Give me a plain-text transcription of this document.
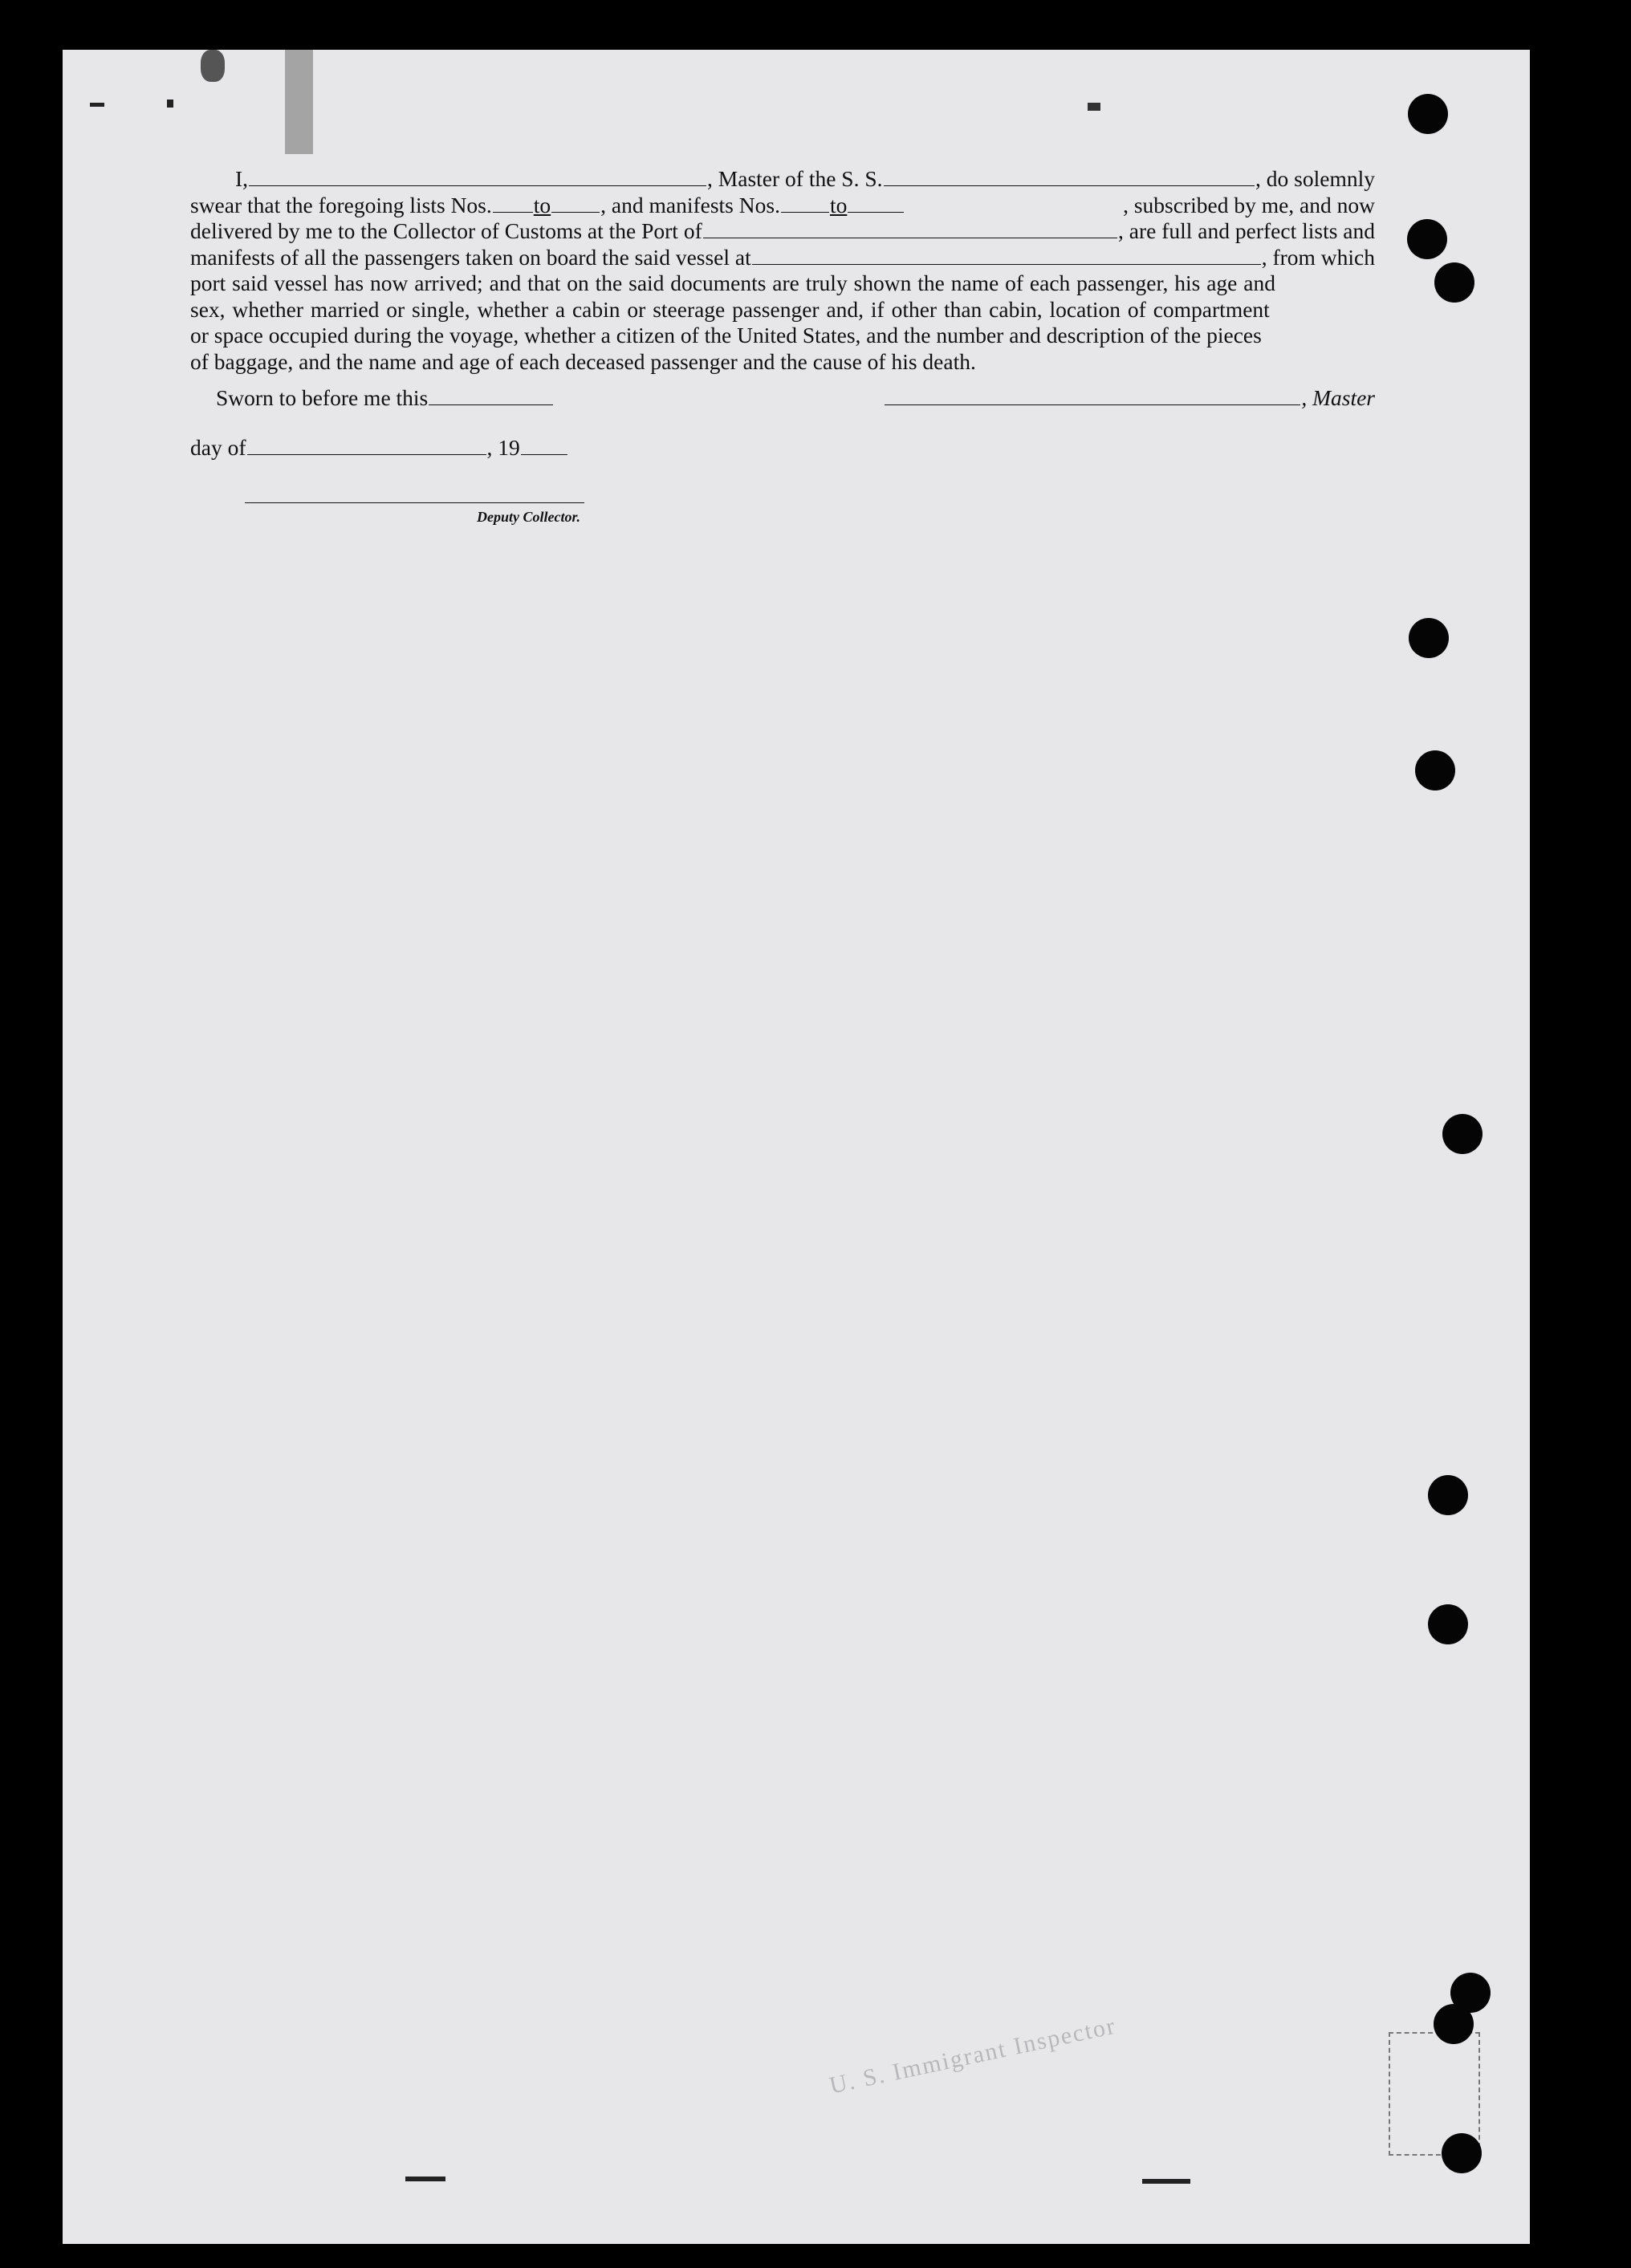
I,	, Master of the S. S.	, do solemnly
swear that the foregoing lists Nos. to , and manifests Nos. to	, subscribed by me, and now
delivered by me to the Collector of Customs at the Port of	, are full and perfect lists and
manifests of all the passengers taken on board the said vessel at	, from which
port said vessel has now arrived; and that on the said documents are truly shown the name of each passenger, his age and
sex, whether married or single, whether a cabin or steerage passenger and, if other than cabin, location of compartment
or space occupied during the voyage, whether a citizen of the United States, and the number and description of the pieces
of baggage, and the name and age of each deceased passenger and the cause of his death.
Sworn to before me this	, Master
day of	, 19
Deputy Collector.
U. S. Immigrant Inspector
